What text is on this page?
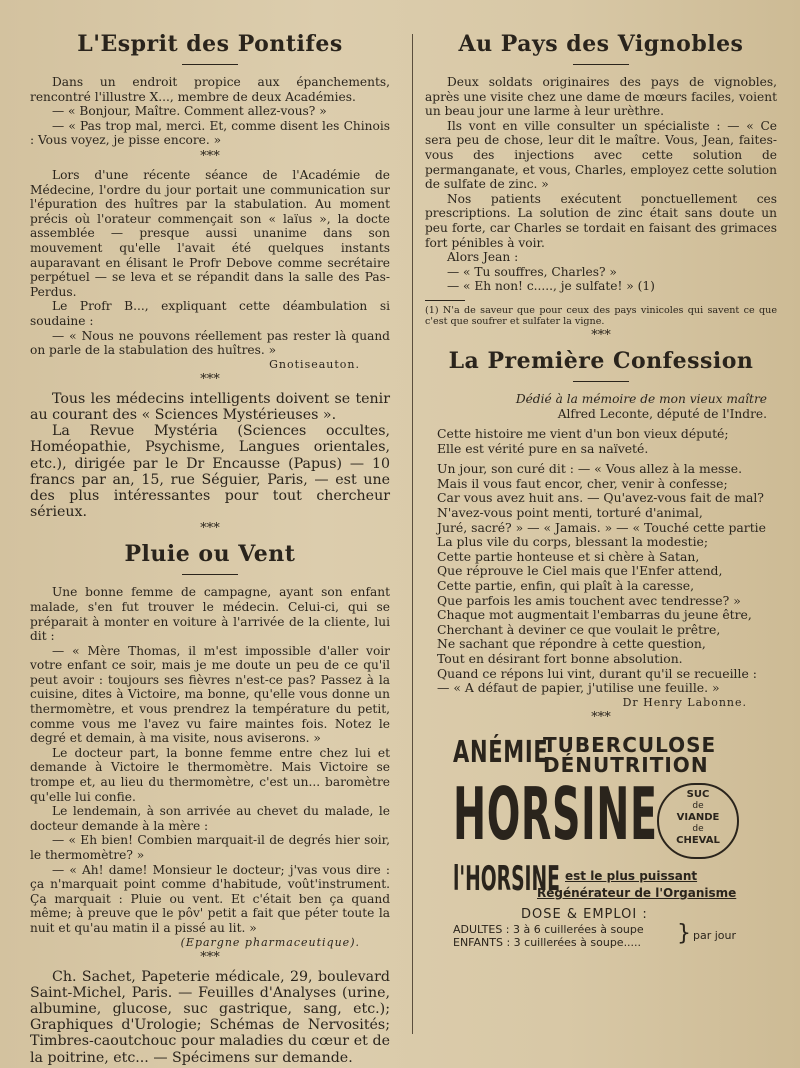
L'Esprit des Pontifes

Dans un endroit propice aux épanchements, rencontré l'illustre X..., membre de deux Académies.

— « Bonjour, Maître. Comment allez-vous? »

— « Pas trop mal, merci. Et, comme disent les Chinois : Vous voyez, je pisse encore. »

***

Lors d'une récente séance de l'Académie de Médecine, l'ordre du jour portait une communication sur l'épuration des huîtres par la stabulation. Au moment précis où l'orateur commençait son « laïus », la docte assemblée — presque aussi unanime dans son mouvement qu'elle l'avait été quelques instants auparavant en élisant le Profr Debove comme secrétaire perpétuel — se leva et se répandit dans la salle des Pas-Perdus.

Le Profr B..., expliquant cette déambulation si soudaine :

— « Nous ne pouvons réellement pas rester là quand on parle de la stabulation des huîtres. »

Gnotiseauton.
***

Tous les médecins intelligents doivent se tenir au courant des « Sciences Mystérieuses ».

La Revue Mystéria (Sciences occultes, Homéopathie, Psychisme, Langues orientales, etc.), dirigée par le Dr Encausse (Papus) — 10 francs par an, 15, rue Séguier, Paris, — est une des plus intéressantes pour tout chercheur sérieux.

***
Pluie ou Vent

Une bonne femme de campagne, ayant son enfant malade, s'en fut trouver le médecin. Celui-ci, qui se préparait à monter en voiture à l'arrivée de la cliente, lui dit :

— « Mère Thomas, il m'est impossible d'aller voir votre enfant ce soir, mais je me doute un peu de ce qu'il peut avoir : toujours ses fièvres n'est-ce pas? Passez à la cuisine, dites à Victoire, ma bonne, qu'elle vous donne un thermomètre, et vous prendrez la température du petit, comme vous me l'avez vu faire maintes fois. Notez le degré et demain, à ma visite, nous aviserons. »

Le docteur part, la bonne femme entre chez lui et demande à Victoire le thermomètre. Mais Victoire se trompe et, au lieu du thermomètre, c'est un... baromètre qu'elle lui confie.

Le lendemain, à son arrivée au chevet du malade, le docteur demande à la mère :

— « Eh bien! Combien marquait-il de degrés hier soir, le thermomètre? »

— « Ah! dame! Monsieur le docteur; j'vas vous dire : ça n'marquait point comme d'habitude, voût'instrument. Ça marquait : Pluie ou vent. Et c'était ben ça quand même; à preuve que le pôv' petit a fait que péter toute la nuit et qu'au matin il a pissé au lit. »

(Epargne pharmaceutique).
***

Ch. Sachet, Papeterie médicale, 29, boulevard Saint-Michel, Paris. — Feuilles d'Analyses (urine, albumine, glucose, suc gastrique, sang, etc.); Graphiques d'Urologie; Schémas de Nervosités; Timbres-caoutchouc pour maladies du cœur et de la poitrine, etc... — Spécimens sur demande.

Au Pays des Vignobles

Deux soldats originaires des pays de vignobles, après une visite chez une dame de mœurs faciles, voient un beau jour une larme à leur urèthre.

Ils vont en ville consulter un spécialiste : — « Ce sera peu de chose, leur dit le maître. Vous, Jean, faites-vous des injections avec cette solution de permanganate, et vous, Charles, employez cette solution de sulfate de zinc. »

Nos patients exécutent ponctuellement ces prescriptions. La solution de zinc était sans doute un peu forte, car Charles se tordait en faisant des grimaces fort pénibles à voir.

Alors Jean :

— « Tu souffres, Charles? »

— « Eh non! c....., je sulfate! » (1)

(1) N'a de saveur que pour ceux des pays vinicoles qui savent ce que c'est que soufrer et sulfater la vigne.

***
La Première Confession

Dédié à la mémoire de mon vieux maître

Alfred Leconte, député de l'Indre.

Cette histoire me vient d'un bon vieux député;

Elle est vérité pure en sa naïveté.

Un jour, son curé dit : — « Vous allez à la messe.

Mais il vous faut encor, cher, venir à confesse;

Car vous avez huit ans. — Qu'avez-vous fait de mal?

N'avez-vous point menti, torturé d'animal,

Juré, sacré? » — « Jamais. » — « Touché cette partie

La plus vile du corps, blessant la modestie;

Cette partie honteuse et si chère à Satan,

Que réprouve le Ciel mais que l'Enfer attend,

Cette partie, enfin, qui plaît à la caresse,

Que parfois les amis touchent avec tendresse? »

Chaque mot augmentait l'embarras du jeune être,

Cherchant à deviner ce que voulait le prêtre,

Ne sachant que répondre à cette question,

Tout en désirant fort bonne absolution.

Quand ce répons lui vint, durant qu'il se recueille :

— « A défaut de papier, j'utilise une feuille. »

Dr Henry Labonne.
***
ANÉMIE
TUBERCULOSE
DÉNUTRITION
HORSINE	SUC
de
VIANDE
de
CHEVAL
l'HORSINE est le plus puissant
Régénérateur de l'Organisme
DOSE & EMPLOI :
ADULTES : 3 à 6 cuillerées à soupe
ENFANTS : 3 cuillerées à soupe..... } par jour
